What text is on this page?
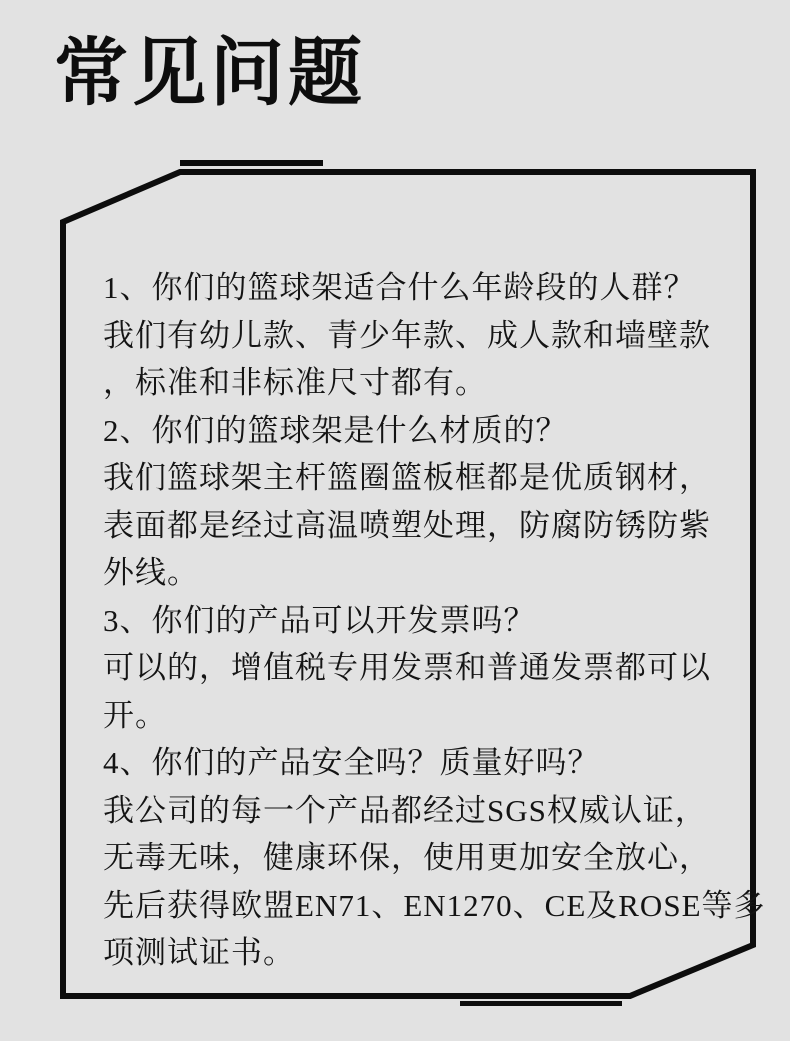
常见问题
1、你们的篮球架适合什么年龄段的人群？
我们有幼儿款、青少年款、成人款和墙壁款
，标准和非标准尺寸都有。
2、你们的篮球架是什么材质的？
我们篮球架主杆篮圈篮板框都是优质钢材，
表面都是经过高温喷塑处理，防腐防锈防紫
外线。
3、你们的产品可以开发票吗？
可以的，增值税专用发票和普通发票都可以
开。
4、你们的产品安全吗？质量好吗？
我公司的每一个产品都经过SGS权威认证，
无毒无味，健康环保，使用更加安全放心，
先后获得欧盟EN71、EN1270、CE及ROSE等多
项测试证书。
